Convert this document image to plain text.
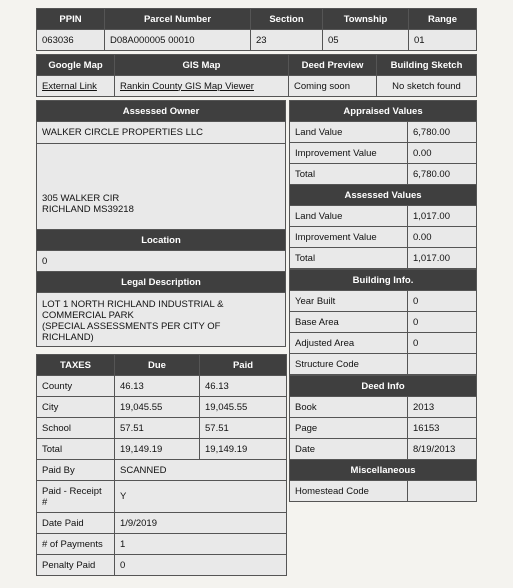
PPIN	Parcel Number	Section	Township	Range
063036	D08A000005 00010	23	05	01
Google Map	GIS Map	Deed Preview	Building Sketch
External Link	Rankin County GIS Map Viewer	Coming soon	No sketch found
Assessed Owner
WALKER CIRCLE PROPERTIES LLC

305 WALKER CIR
RICHLAND MS39218
Location
0
Legal Description

LOT 1 NORTH RICHLAND INDUSTRIAL &
COMMERCIAL PARK
(SPECIAL ASSESSMENTS PER CITY OF
RICHLAND)
TAXES	Due	Paid
County	46.13	46.13
City	19,045.55	19,045.55
School	57.51	57.51
Total	19,149.19	19,149.19
Paid By	SCANNED	
Paid - Receipt #	Y	
Date Paid	1/9/2019	
# of Payments	1	
Penalty Paid	0	
Appraised Values	
Land Value	6,780.00
Improvement Value	0.00
Total	6,780.00
Assessed Values	
Land Value	1,017.00
Improvement Value	0.00
Total	1,017.00
Building Info.	
Year Built	0
Base Area	0
Adjusted Area	0
Structure Code	
Deed Info	
Book	2013
Page	16153
Date	8/19/2013
Miscellaneous
Homestead Code	
